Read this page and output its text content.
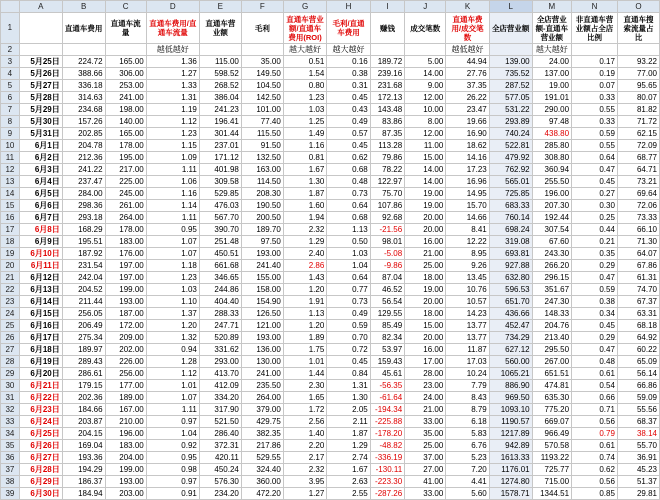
	A	B	C	D	E	F	G	H	I	J	K	L	M	N	O
1		直通车费用	直通车流量	直通车费用/直通车流量	直通车营业额	毛利	直通车营业额/直通车费用(ROI)	毛利/直通车费用	赚钱	成交笔数	直通车费用/成交笔数	全店营业额	全店营业额-直通车营业额	非直通车营业额占全店比例	直通车搜索流量占比
2				越低越好			越大越好	越大越好			越低越好		越大越好		
3	5月25日	224.72	165.00	1.36	115.00	35.00	0.51	0.16	189.72	5.00	44.94	139.00	24.00	0.17	93.22
4	5月26日	388.66	306.00	1.27	598.52	149.50	1.54	0.38	239.16	14.00	27.76	735.52	137.00	0.19	77.00
5	5月27日	336.18	253.00	1.33	268.52	104.50	0.80	0.31	231.68	9.00	37.35	287.52	19.00	0.07	95.65
6	5月28日	314.63	241.00	1.31	386.04	142.50	1.23	0.45	172.13	12.00	26.22	577.05	191.01	0.33	80.07
7	5月29日	234.68	198.00	1.19	241.23	101.00	1.03	0.43	143.48	10.00	23.47	531.22	290.00	0.55	81.82
8	5月30日	157.26	140.00	1.12	196.41	77.40	1.25	0.49	83.86	8.00	19.66	293.89	97.48	0.33	71.72
9	5月31日	202.85	165.00	1.23	301.44	115.50	1.49	0.57	87.35	12.00	16.90	740.24	438.80	0.59	62.15
10	6月1日	204.78	178.00	1.15	237.01	91.50	1.16	0.45	113.28	11.00	18.62	522.81	285.80	0.55	72.09
11	6月2日	212.36	195.00	1.09	171.12	132.50	0.81	0.62	79.86	15.00	14.16	479.92	308.80	0.64	68.77
12	6月3日	241.22	217.00	1.11	401.98	163.00	1.67	0.68	78.22	14.00	17.23	762.92	360.94	0.47	64.71
13	6月4日	237.47	225.00	1.06	309.58	114.50	1.30	0.48	122.97	14.00	16.96	565.01	255.50	0.45	73.21
14	6月5日	284.00	245.00	1.16	529.85	208.30	1.87	0.73	75.70	19.00	14.95	725.85	196.00	0.27	69.64
15	6月6日	298.36	261.00	1.14	476.03	190.50	1.60	0.64	107.86	19.00	15.70	683.33	207.30	0.30	72.06
16	6月7日	293.18	264.00	1.11	567.70	200.50	1.94	0.68	92.68	20.00	14.66	760.14	192.44	0.25	73.33
17	6月8日	168.29	178.00	0.95	390.70	189.70	2.32	1.13	-21.56	20.00	8.41	698.24	307.54	0.44	66.10
18	6月9日	195.51	183.00	1.07	251.48	97.50	1.29	0.50	98.01	16.00	12.22	319.08	67.60	0.21	71.30
19	6月10日	187.92	176.00	1.07	450.51	193.00	2.40	1.03	-5.08	21.00	8.95	693.81	243.30	0.35	64.07
20	6月11日	231.54	197.00	1.18	661.68	241.40	2.86	1.04	-9.86	25.00	9.26	927.88	266.20	0.29	67.86
21	6月12日	242.04	197.00	1.23	346.65	155.00	1.43	0.64	87.04	18.00	13.45	632.80	296.15	0.47	61.31
22	6月13日	204.52	199.00	1.03	244.86	158.00	1.20	0.77	46.52	19.00	10.76	596.53	351.67	0.59	74.70
23	6月14日	211.44	193.00	1.10	404.40	154.90	1.91	0.73	56.54	20.00	10.57	651.70	247.30	0.38	67.37
24	6月15日	256.05	187.00	1.37	288.33	126.50	1.13	0.49	129.55	18.00	14.23	436.66	148.33	0.34	63.31
25	6月16日	206.49	172.00	1.20	247.71	121.00	1.20	0.59	85.49	15.00	13.77	452.47	204.76	0.45	68.18
26	6月17日	275.34	209.00	1.32	520.89	193.00	1.89	0.70	82.34	20.00	13.77	734.29	213.40	0.29	64.92
27	6月18日	189.97	202.00	0.94	331.62	136.00	1.75	0.72	53.97	16.00	11.87	627.12	295.50	0.47	60.22
28	6月19日	289.43	226.00	1.28	293.00	130.00	1.01	0.45	159.43	17.00	17.03	560.00	267.00	0.48	65.09
29	6月20日	286.61	256.00	1.12	413.70	241.00	1.44	0.84	45.61	28.00	10.24	1065.21	651.51	0.61	56.14
30	6月21日	179.15	177.00	1.01	412.09	235.50	2.30	1.31	-56.35	23.00	7.79	886.90	474.81	0.54	66.86
31	6月22日	202.36	189.00	1.07	334.20	264.00	1.65	1.30	-61.64	24.00	8.43	969.50	635.30	0.66	59.09
32	6月23日	184.66	167.00	1.11	317.90	379.00	1.72	2.05	-194.34	21.00	8.79	1093.10	775.20	0.71	55.56
33	6月24日	203.87	210.00	0.97	521.50	429.75	2.56	2.11	-225.88	33.00	6.18	1190.57	669.07	0.56	68.37
34	6月25日	204.15	196.00	1.04	286.40	382.35	1.40	1.87	-178.20	35.00	5.83	1217.89	966.49	0.79	38.14
35	6月26日	169.04	183.00	0.92	372.31	217.86	2.20	1.29	-48.82	25.00	6.76	942.89	570.58	0.61	55.70
36	6月27日	193.36	204.00	0.95	420.11	529.55	2.17	2.74	-336.19	37.00	5.23	1613.33	1193.22	0.74	36.91
37	6月28日	194.29	199.00	0.98	450.24	324.40	2.32	1.67	-130.11	27.00	7.20	1176.01	725.77	0.62	45.23
38	6月29日	186.37	193.00	0.97	576.30	360.00	3.95	2.63	-223.30	41.00	4.41	1274.80	715.00	0.56	51.37
39	6月30日	184.94	203.00	0.91	234.20	472.20	1.27	2.55	-287.26	33.00	5.60	1578.71	1344.51	0.85	29.81
